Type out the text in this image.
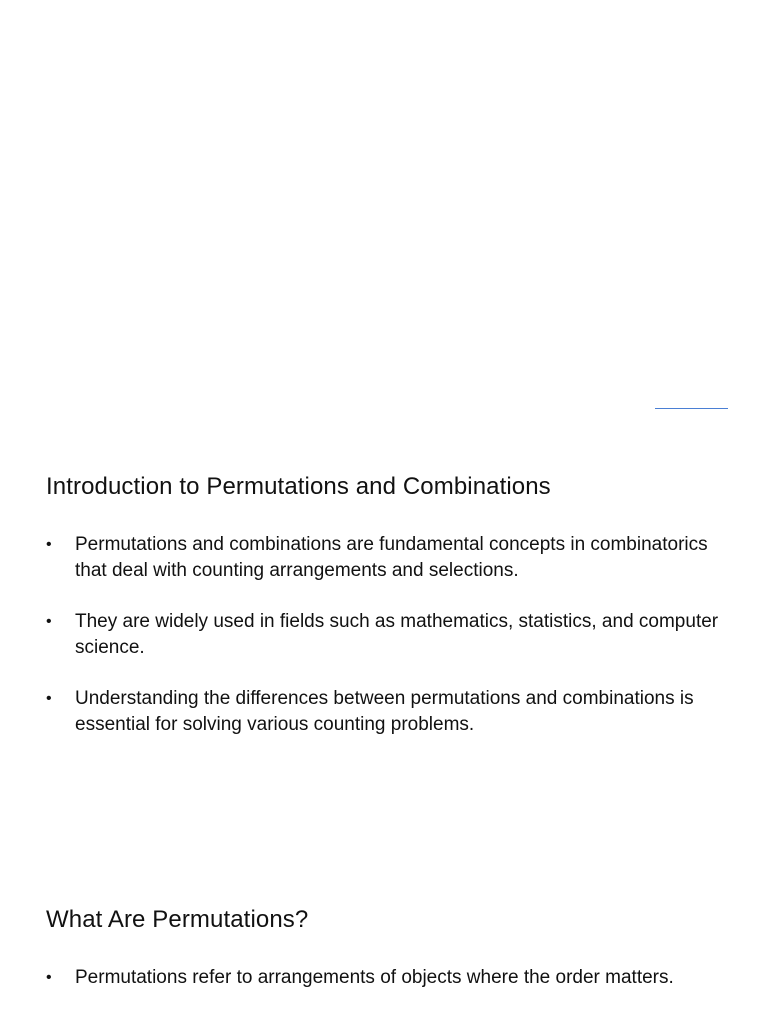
Introduction to Permutations and Combinations
• Permutations and combinations are fundamental concepts in combinatorics that deal with counting arrangements and selections.
• They are widely used in fields such as mathematics, statistics, and computer science.
• Understanding the differences between permutations and combinations is essential for solving various counting problems.
What Are Permutations?
• Permutations refer to arrangements of objects where the order matters.
